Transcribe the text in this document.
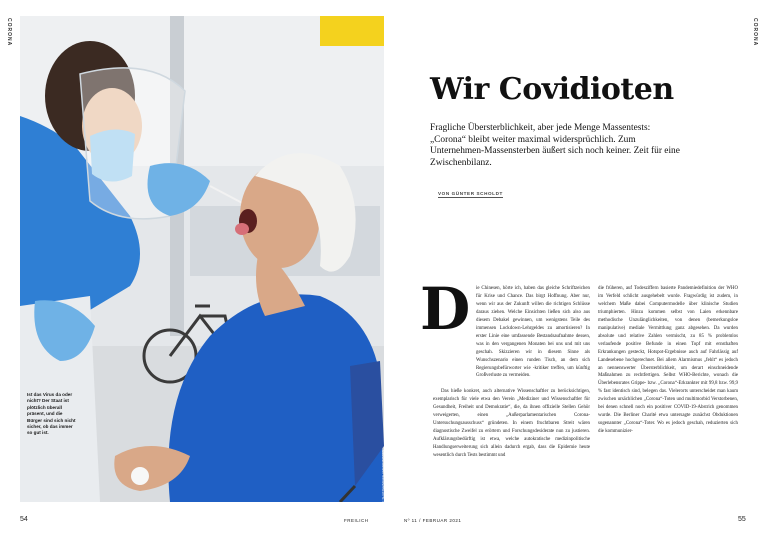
CORONA
Ist das Virus da oder nicht? Der Staat ist plötzlich überall präsent, und die Bürger sind sich nicht sicher, ob das immer so gut ist.
FOTO: SHUTTERSTOCK / IMAGO IMAGES
54	FREILICH
CORONA
Wir Covidioten
Fragliche Übersterblichkeit, aber jede Menge Massentests: „Corona“ bleibt weiter maximal widersprüchlich. Zum Unternehmen-Massensterben äußert sich noch keiner. Zeit für eine Zwischenbilanz.
VON GÜNTER SCHOLDT
D ie Chinesen, hörte ich, haben das gleiche Schriftzeichen für Krise und Chance. Das birgt Hoffnung. Aber nur, wenn wir aus der Zukunft willen die richtigen Schlüsse daraus ziehen. Welche Einsichten ließen sich also aus diesem Debakel gewinnen, um wenigstens Teile des immensen Lockdown-Lehrgeldes zu amortisieren? In erster Linie eine umfassende Bestandsaufnahme dessen, was in den vergangenen Monaten bei uns und mit uns geschah. Skizzieren wir in diesem Sinne als Wunschszenario einen runden Tisch, an dem sich Regierungsbefürworter wie -kritiker treffen, um künftig Großverluste zu vermeiden.

Das hieße konkret, auch alternative Wissenschaftler zu berücksichtigen, exemplarisch für viele etwa den Verein „Mediziner und Wissenschaftler für Gesundheit, Freiheit und Demokratie“, die, da ihnen offizielle Stellen Gehör verweigerten, einen „Außerparlamentarischen Corona-Untersuchungsausschuss“ gründeten. In einem fruchtbaren Streit wären diagnostische Zweifel zu erörtern und Forschungsdesiderate nun zu justieren. Aufklärungsbedürftig ist etwa, welche autokratische medizinpolitische Handlungserweiterung sich allein dadurch ergab, dass die Epidemie heute wesentlich durch Tests bestimmt und

die früheren, auf Todesziffern basierte Pandemiedefinition der WHO im Verfeld schlicht ausgehebelt wurde. Fragwürdig ist zudem, in welchem Maße dabei Computermodelle über klinische Studien triumphierten. Hinzu kommen selbst von Laien erkennbare methodische Unzulänglichkeiten, von denen (bemerkungsloe manipulative) mediale Vermittlung ganz abgesehen. Da wurden absolute und relative Zahlen vermischt, zu 85 % problemlos verlaufende positive Befunde in einen Topf mit ernsthaften Erkrankungen gesteckt, Hotspot-Ergebnisse auch auf Fahrlässig auf Landesebene hochgerechnet. Bei allem Alarmismus „fehlt“ es jedoch an nennenswerter Übersterblichkeit, um derart einschneidende Maßnahmen zu rechtfertigen. Selbst WHO-Berichte, wonach die Überlebensrates Grippe- bzw. „Corona“-Erkrankter mit 99,8 bzw. 99,9 % fast identisch sind, belegen das. Vielerorts unterscheidet man kaum zwischen ursächlichen „Corona“-Toten und multimorbid Verstorbenen, bei denen schnell noch ein positiver COVID-19-Abstrich genommen wurde. Die Berliner Charité etwa untersagte zunächst Obduktionen sogenannter „Corona“-Toter. Wo es jedoch geschah, reduzierten sich die kommunizier-

Nº 11 / FEBRUAR 2021	55
